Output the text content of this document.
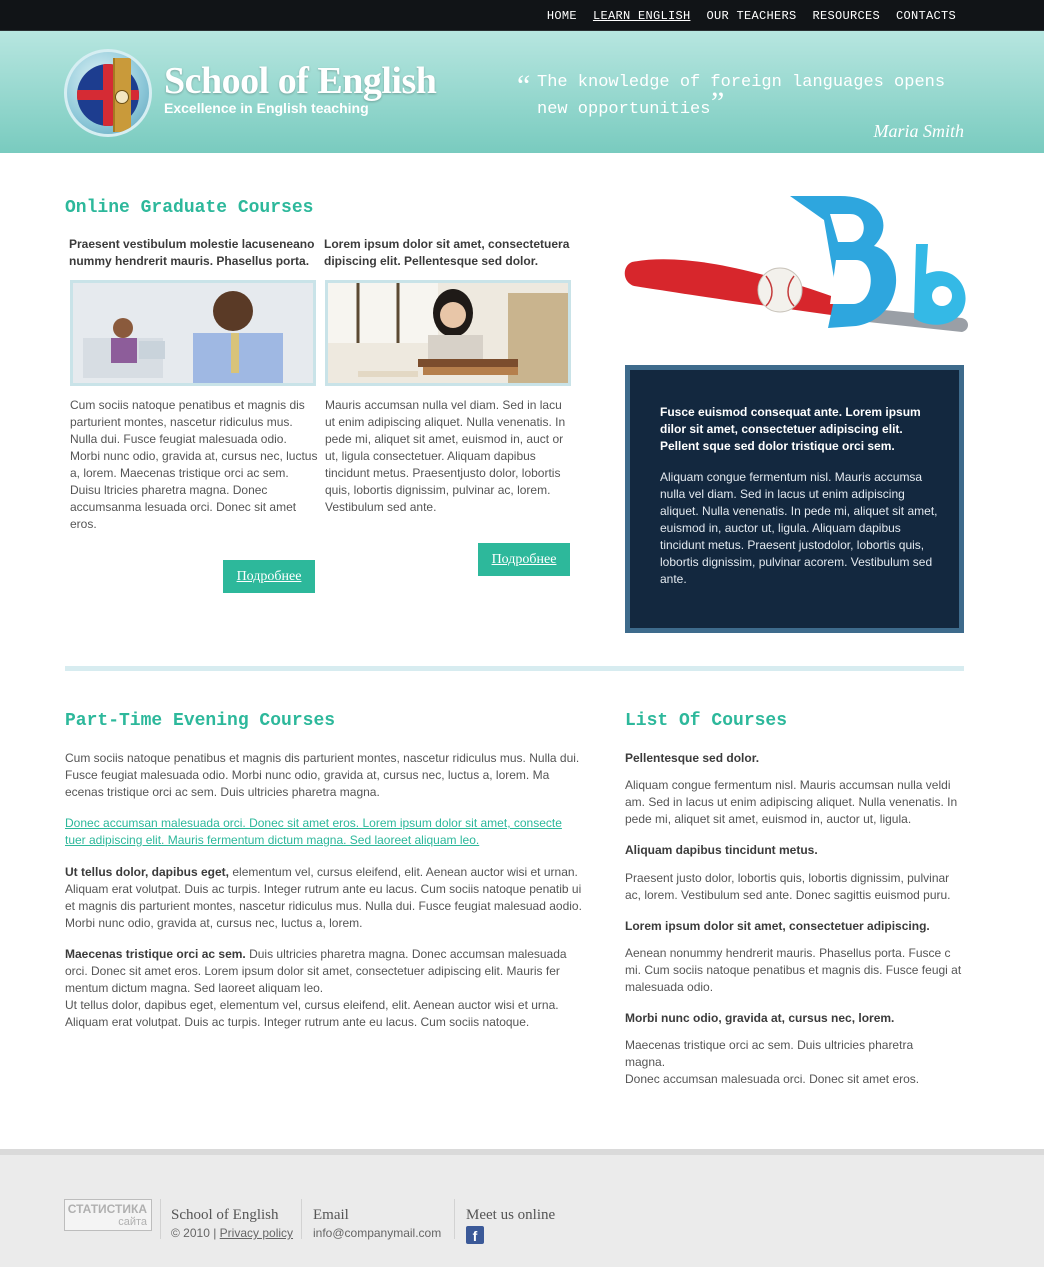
HOME LEARN ENGLISH OUR TEACHERS RESOURCES CONTACTS
School of English
Excellence in English teaching
“ The knowledge of foreign languages opens
new opportunities ”
Maria Smith
Online Graduate Courses
Praesent vestibulum molestie lacuseneano nummy hendrerit mauris. Phasellus porta.
Lorem ipsum dolor sit amet, consectetuera dipiscing elit. Pellentesque sed dolor.
Cum sociis natoque penatibus et magnis dis parturient montes, nascetur ridiculus mus. Nulla dui. Fusce feugiat malesuada odio. Morbi nunc odio, gravida at, cursus nec, luctus a, lorem. Maecenas tristique orci ac sem. Duisu ltricies pharetra magna. Donec accumsanma lesuada orci. Donec sit amet eros.
Mauris accumsan nulla vel diam. Sed in lacu ut enim adipiscing aliquet. Nulla venenatis. In pede mi, aliquet sit amet, euismod in, auct or ut, ligula consectetuer. Aliquam dapibus tincidunt metus. Praesentjusto dolor, lobortis quis, lobortis dignissim, pulvinar ac, lorem. Vestibulum sed ante.
Подробнее
Подробнее
Fusce euismod consequat ante. Lorem ipsum dilor sit amet, consectetuer adipiscing elit. Pellent sque sed dolor tristique orci sem.
Aliquam congue fermentum nisl. Mauris accumsa nulla vel diam. Sed in lacus ut enim adipiscing aliquet. Nulla venenatis. In pede mi, aliquet sit amet, euismod in, auctor ut, ligula. Aliquam dapibus tincidunt metus. Praesent justodolor, lobortis quis, lobortis dignissim, pulvinar acorem. Vestibulum sed ante.
Part-Time Evening Courses
Cum sociis natoque penatibus et magnis dis parturient montes, nascetur ridiculus mus. Nulla dui. Fusce feugiat malesuada odio. Morbi nunc odio, gravida at, cursus nec, luctus a, lorem. Ma ecenas tristique orci ac sem. Duis ultricies pharetra magna.
Donec accumsan malesuada orci. Donec sit amet eros. Lorem ipsum dolor sit amet, consecte tuer adipiscing elit. Mauris fermentum dictum magna. Sed laoreet aliquam leo.
Ut tellus dolor, dapibus eget, elementum vel, cursus eleifend, elit. Aenean auctor wisi et urnan. Aliquam erat volutpat. Duis ac turpis. Integer rutrum ante eu lacus. Cum sociis natoque penatib ui et magnis dis parturient montes, nascetur ridiculus mus. Nulla dui. Fusce feugiat malesuad aodio. Morbi nunc odio, gravida at, cursus nec, luctus a, lorem.
Maecenas tristique orci ac sem. Duis ultricies pharetra magna. Donec accumsan malesuada orci. Donec sit amet eros. Lorem ipsum dolor sit amet, consectetuer adipiscing elit. Mauris fer mentum dictum magna. Sed laoreet aliquam leo.
Ut tellus dolor, dapibus eget, elementum vel, cursus eleifend, elit. Aenean auctor wisi et urna. Aliquam erat volutpat. Duis ac turpis. Integer rutrum ante eu lacus. Cum sociis natoque.
List Of Courses
Pellentesque sed dolor.
Aliquam congue fermentum nisl. Mauris accumsan nulla veldi am. Sed in lacus ut enim adipiscing aliquet. Nulla venenatis. In pede mi, aliquet sit amet, euismod in, auctor ut, ligula.
Aliquam dapibus tincidunt metus.
Praesent justo dolor, lobortis quis, lobortis dignissim, pulvinar ac, lorem. Vestibulum sed ante. Donec sagittis euismod puru.
Lorem ipsum dolor sit amet, consectetuer adipiscing.
Aenean nonummy hendrerit mauris. Phasellus porta. Fusce c mi. Cum sociis natoque penatibus et magnis dis. Fusce feugi at malesuada odio.
Morbi nunc odio, gravida at, cursus nec, lorem.
Maecenas tristique orci ac sem. Duis ultricies pharetra magna.
Donec accumsan malesuada orci. Donec sit amet eros.
СТАТИСТИКА
сайта School of English
© 2010 | Privacy policy
Email
info@companymail.com
Meet us online
f
